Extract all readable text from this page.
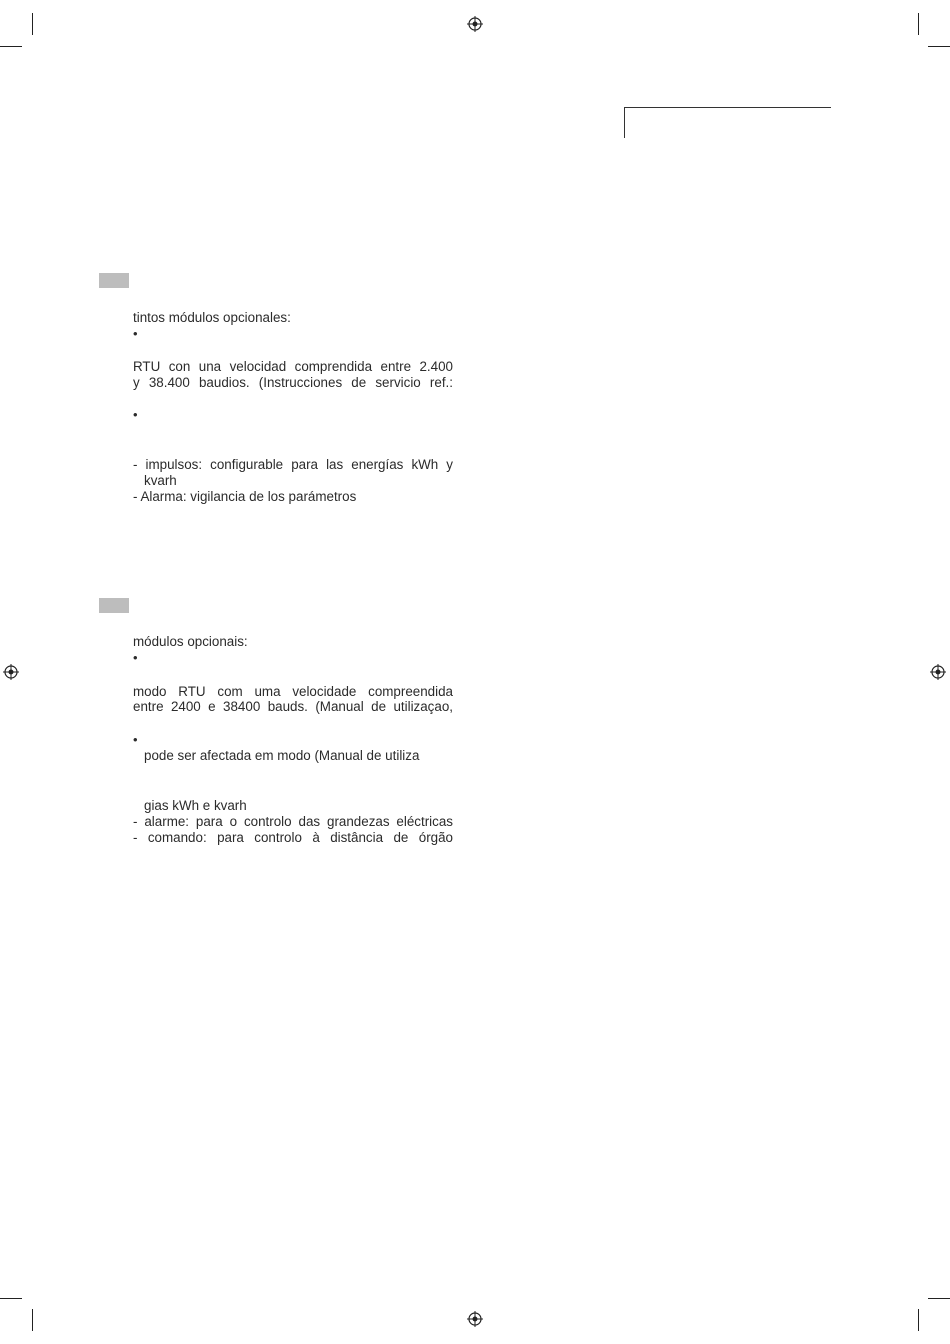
tintos módulos opcionales:
•
RTU con una velocidad comprendida entre 2.400
y 38.400 baudios. (Instrucciones de servicio ref.:
•
- impulsos: configurable para las energías kWh y
kvarh
- Alarma: vigilancia de los parámetros
módulos opcionais:
•
modo RTU com uma velocidade compreendida
entre 2400 e 38400 bauds. (Manual de utilizaçao,
•
pode ser afectada em modo (Manual de utiliza
gias kWh e kvarh
- alarme: para o controlo das grandezas eléctricas
- comando: para controlo à distância de órgão
